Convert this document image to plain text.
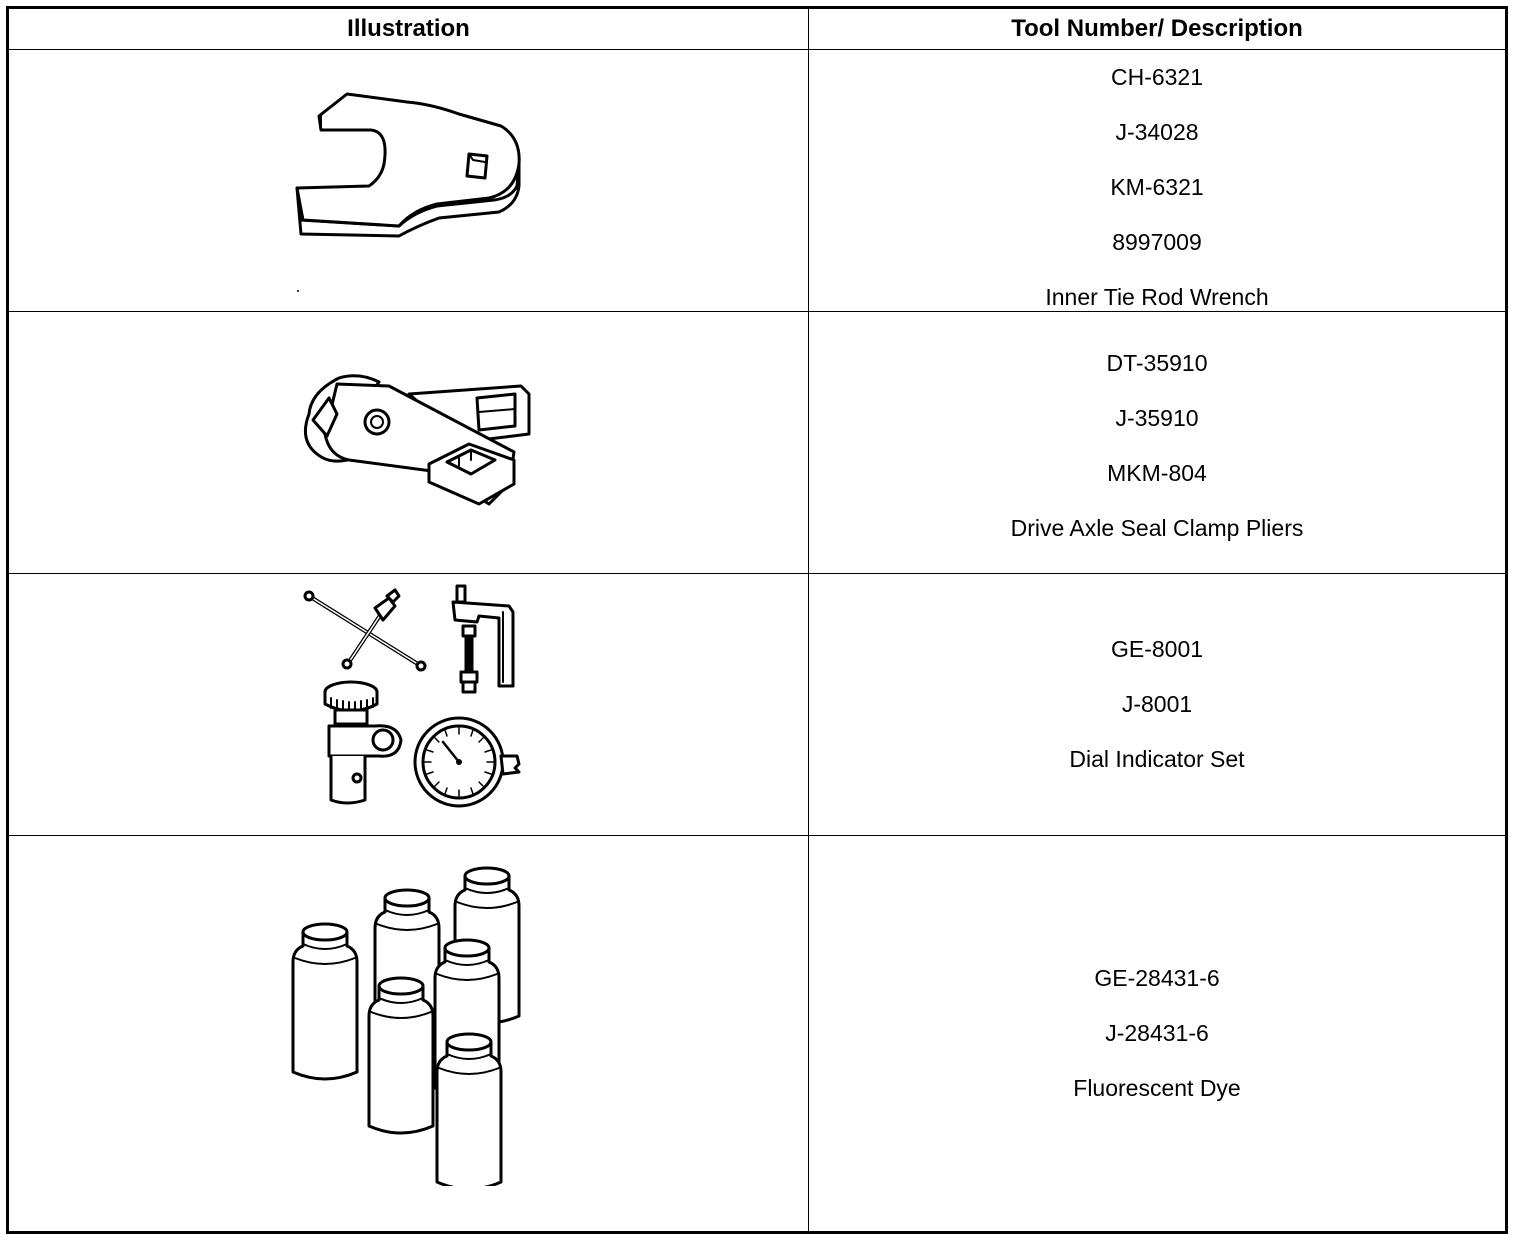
Illustration	Tool Number/ Description
CH-6321
J-34028
KM-6321
8997009
Inner Tie Rod Wrench
DT-35910
J-35910
MKM-804
Drive Axle Seal Clamp Pliers
GE-8001
J-8001
Dial Indicator Set
GE-28431-6
J-28431-6
Fluorescent Dye
